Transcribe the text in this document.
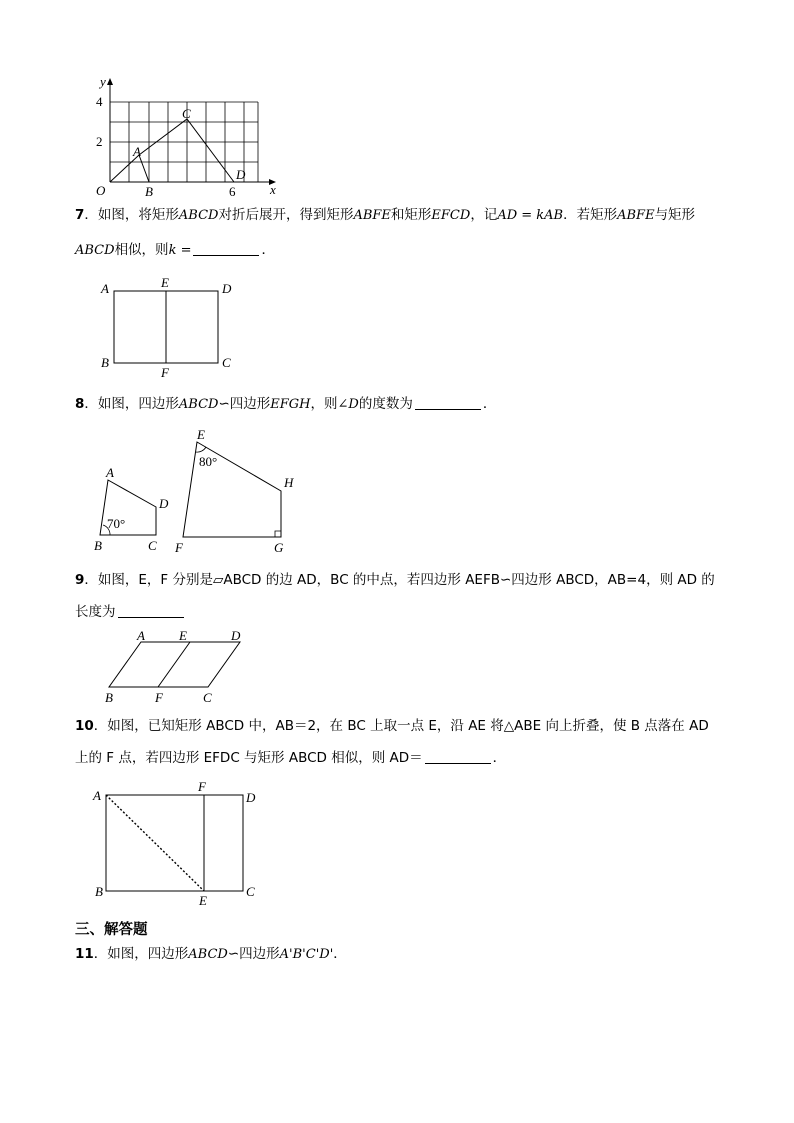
y
4
2
O	B	6	x
A
C
D
7．如图，将矩形ABCD对折后展开，得到矩形ABFE和矩形EFCD，记AD = kAB．若矩形ABFE与矩形
ABCD相似，则k =	．
A	E	D
B
F
C
8．如图，四边形ABCD∽四边形EFGH，则∠D的度数为	．
70°
A
D
B	C
80°
E
H
F	G
9．如图，E，F 分别是▱ABCD 的边 AD，BC 的中点，若四边形 AEFB∽四边形 ABCD，AB=4，则 AD 的
长度为
A	E	D
B	F	C
10．如图，已知矩形 ABCD 中，AB＝2，在 BC 上取一点 E，沿 AE 将△ABE 向上折叠，使 B 点落在 AD
上的 F 点，若四边形 EFDC 与矩形 ABCD 相似，则 AD＝	．
A
F
D
B
E
C
三、解答题
11．如图，四边形ABCD∽四边形A'B'C'D'．
